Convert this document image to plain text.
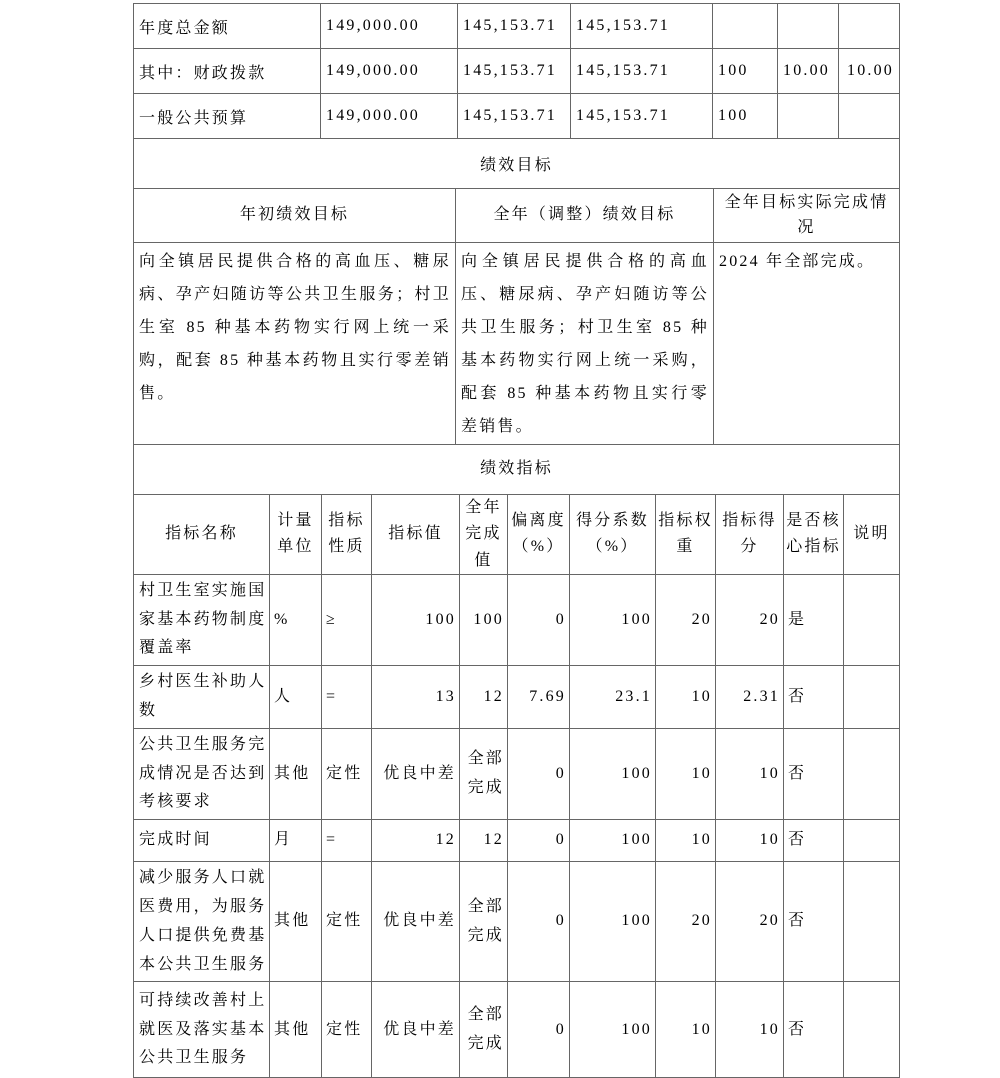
年度总金额	149,000.00	145,153.71	145,153.71			
其中：财政拨款	149,000.00	145,153.71	145,153.71	100	10.00	10.00
一般公共预算	149,000.00	145,153.71	145,153.71	100		
绩效目标		
年初绩效目标	全年（调整）绩效目标	全年目标实际完成情况
向全镇居民提供合格的高血压、糖尿病、孕产妇随访等公共卫生服务；村卫生室 85 种基本药物实行网上统一采购，配套 85 种基本药物且实行零差销售。	向全镇居民提供合格的高血压、糖尿病、孕产妇随访等公共卫生服务；村卫生室 85 种基本药物实行网上统一采购，配套 85 种基本药物且实行零差销售。	2024 年全部完成。
绩效指标										
指标名称	计量单位	指标性质	指标值	全年完成值	偏离度（%）	得分系数（%）	指标权重	指标得分	是否核心指标	说明
村卫生室实施国家基本药物制度覆盖率	%	≥	100	100	0	100	20	20	是	
乡村医生补助人数	人	=	13	12	7.69	23.1	10	2.31	否	
公共卫生服务完成情况是否达到考核要求	其他	定性	优良中差	全部完成	0	100	10	10	否	
完成时间	月	=	12	12	0	100	10	10	否	
减少服务人口就医费用，为服务人口提供免费基本公共卫生服务	其他	定性	优良中差	全部完成	0	100	20	20	否	
可持续改善村上就医及落实基本公共卫生服务	其他	定性	优良中差	全部完成	0	100	10	10	否	
